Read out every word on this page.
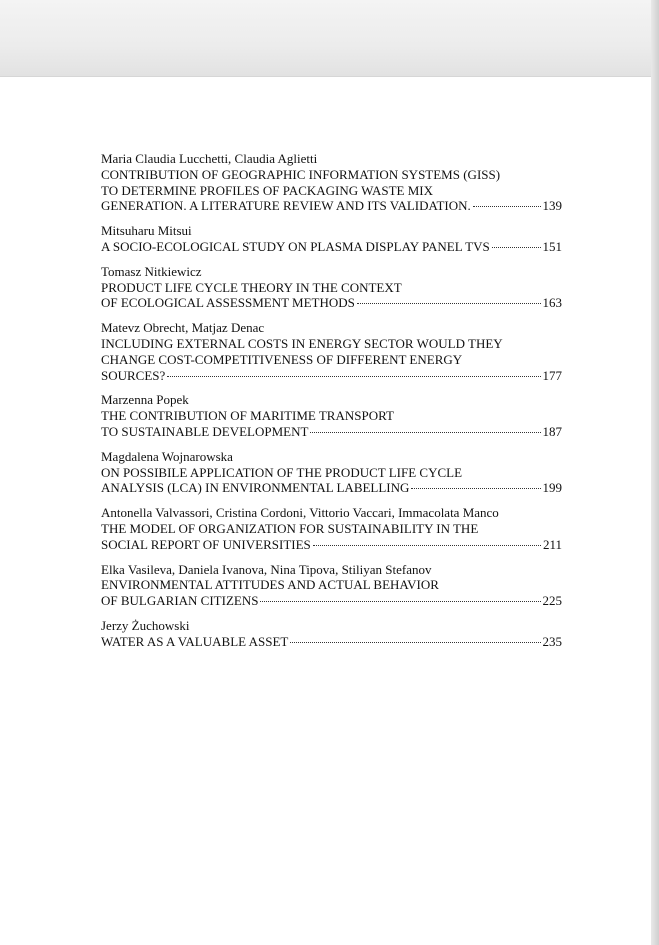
Maria Claudia Lucchetti, Claudia Aglietti
CONTRIBUTION OF GEOGRAPHIC INFORMATION SYSTEMS (GISS)
TO DETERMINE PROFILES OF PACKAGING WASTE MIX
GENERATION. A LITERATURE REVIEW AND ITS VALIDATION.	139
Mitsuharu Mitsui
A SOCIO-ECOLOGICAL STUDY ON PLASMA DISPLAY PANEL TVS	151
Tomasz Nitkiewicz
PRODUCT LIFE CYCLE THEORY IN THE CONTEXT
OF ECOLOGICAL ASSESSMENT METHODS	163
Matevz Obrecht, Matjaz Denac
INCLUDING EXTERNAL COSTS IN ENERGY SECTOR WOULD THEY
CHANGE COST-COMPETITIVENESS OF DIFFERENT ENERGY
SOURCES?	177
Marzenna Popek
THE CONTRIBUTION OF MARITIME TRANSPORT
TO SUSTAINABLE DEVELOPMENT	187
Magdalena Wojnarowska
ON POSSIBILE APPLICATION OF THE PRODUCT LIFE CYCLE
ANALYSIS (LCA) IN ENVIRONMENTAL LABELLING	199
Antonella Valvassori, Cristina Cordoni, Vittorio Vaccari, Immacolata Manco
THE MODEL OF ORGANIZATION FOR SUSTAINABILITY IN THE
SOCIAL REPORT OF UNIVERSITIES	211
Elka Vasileva, Daniela Ivanova, Nina Tipova, Stiliyan Stefanov
ENVIRONMENTAL ATTITUDES AND ACTUAL BEHAVIOR
OF BULGARIAN CITIZENS	225
Jerzy Żuchowski
WATER AS A VALUABLE ASSET	235
